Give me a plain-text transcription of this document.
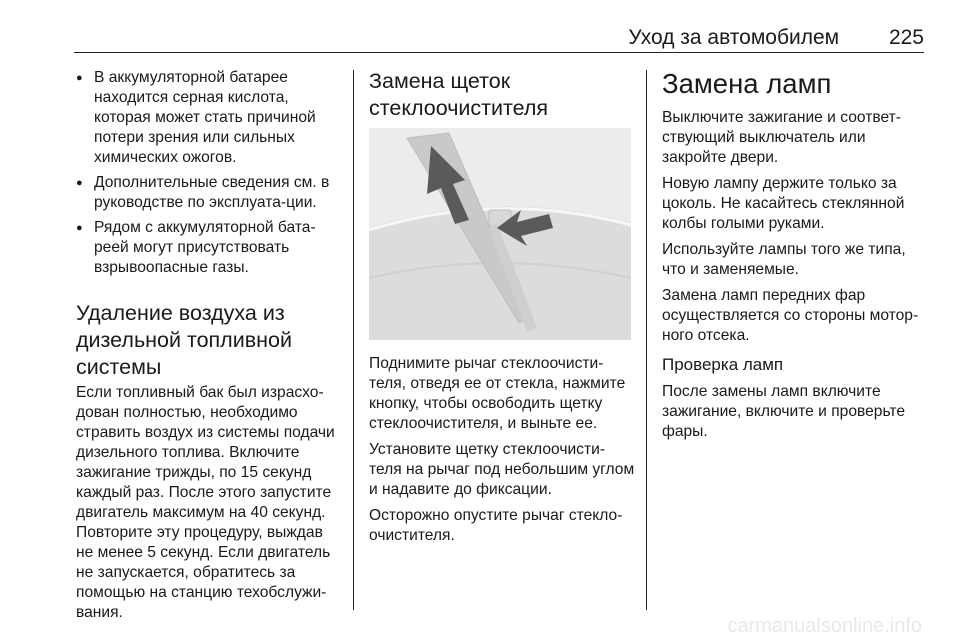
Уход за автомобилем 225
● В аккумуляторной батарее находится серная кислота, которая может стать причиной потери зрения или сильных химических ожогов.
● Дополнительные сведения см. в руководстве по эксплуата-ции.
● Рядом с аккумуляторной бата-реей могут присутствовать взрывоопасные газы.
Удаление воздуха из дизельной топливной системы

Если топливный бак был израсхо-дован полностью, необходимо стравить воздух из системы подачи дизельного топлива. Включите зажигание трижды, по 15 секунд каждый раз. После этого запустите двигатель максимум на 40 секунд. Повторите эту процедуру, выждав не менее 5 секунд. Если двигатель не запускается, обратитесь за помощью на станцию техобслужи-вания.

Замена щеток стеклоочистителя

Поднимите рычаг стеклоочисти-теля, отведя ее от стекла, нажмите кнопку, чтобы освободить щетку стеклоочистителя, и выньте ее.

Установите щетку стеклоочисти-теля на рычаг под небольшим углом и надавите до фиксации.

Осторожно опустите рычаг стекло-очистителя.

Замена ламп

Выключите зажигание и соответ-ствующий выключатель или закройте двери.

Новую лампу держите только за цоколь. Не касайтесь стеклянной колбы голыми руками.

Используйте лампы того же типа, что и заменяемые.

Замена ламп передних фар осуществляется со стороны мотор-ного отсека.

Проверка ламп

После замены ламп включите зажигание, включите и проверьте фары.

carmanualsonline.info
